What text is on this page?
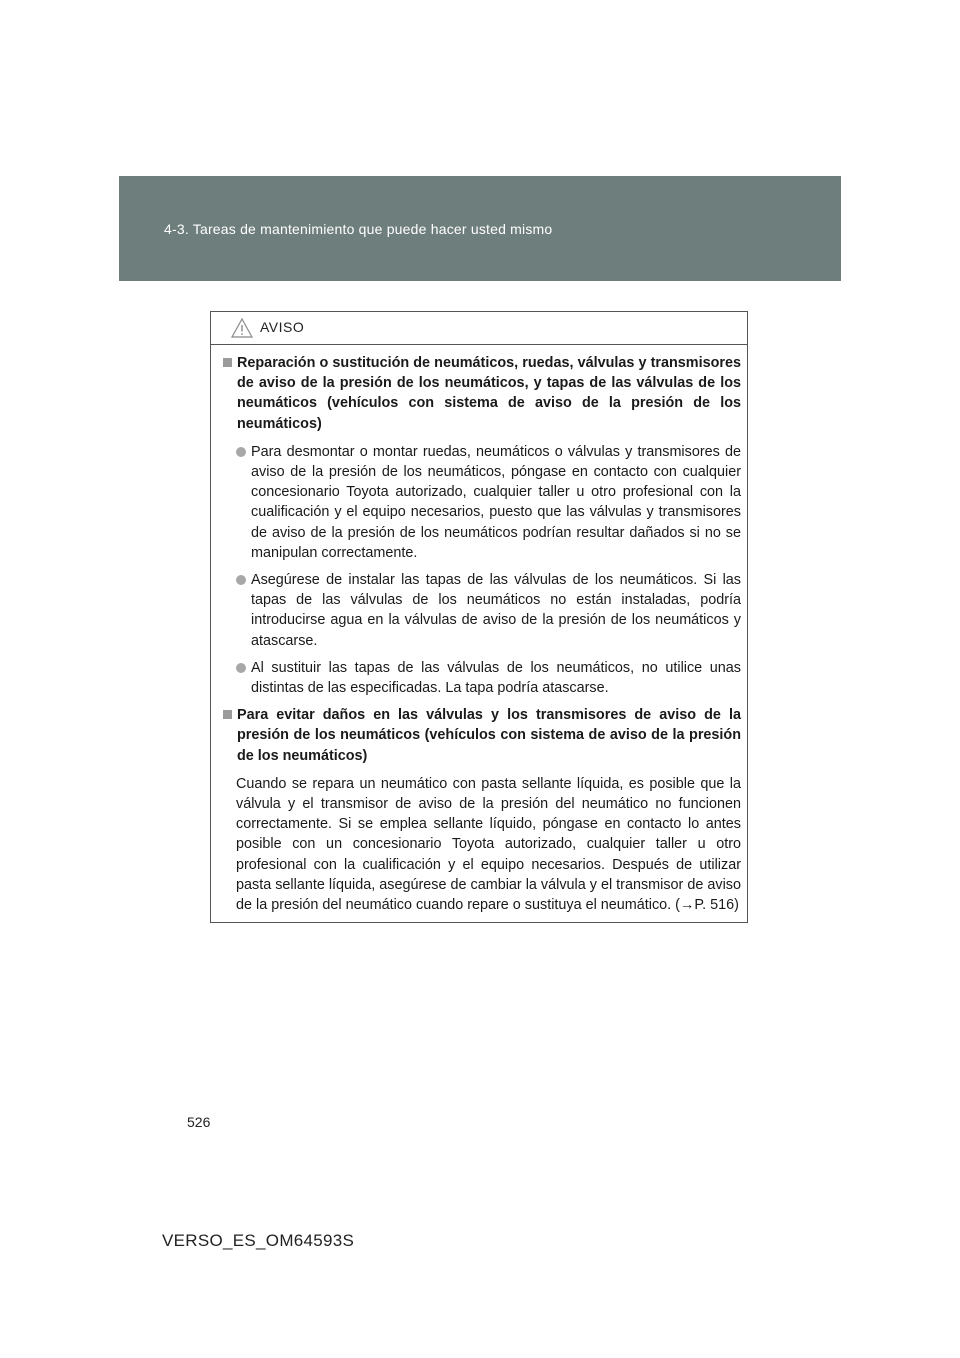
4-3. Tareas de mantenimiento que puede hacer usted mismo
AVISO
Reparación o sustitución de neumáticos, ruedas, válvulas y transmisores de aviso de la presión de los neumáticos, y tapas de las válvulas de los neumáticos (vehículos con sistema de aviso de la presión de los neumáticos)
Para desmontar o montar ruedas, neumáticos o válvulas y transmisores de aviso de la presión de los neumáticos, póngase en contacto con cualquier concesionario Toyota autorizado, cualquier taller u otro profesional con la cualificación y el equipo necesarios, puesto que las válvulas y transmisores de aviso de la presión de los neumáticos podrían resultar dañados si no se manipulan correctamente.
Asegúrese de instalar las tapas de las válvulas de los neumáticos. Si las tapas de las válvulas de los neumáticos no están instaladas, podría introducirse agua en la válvulas de aviso de la presión de los neumáticos y atascarse.
Al sustituir las tapas de las válvulas de los neumáticos, no utilice unas distintas de las especificadas. La tapa podría atascarse.
Para evitar daños en las válvulas y los transmisores de aviso de la presión de los neumáticos (vehículos con sistema de aviso de la presión de los neumáticos)
Cuando se repara un neumático con pasta sellante líquida, es posible que la válvula y el transmisor de aviso de la presión del neumático no funcionen correctamente. Si se emplea sellante líquido, póngase en contacto lo antes posible con un concesionario Toyota autorizado, cualquier taller u otro profesional con la cualificación y el equipo necesarios. Después de utilizar pasta sellante líquida, asegúrese de cambiar la válvula y el transmisor de aviso de la presión del neumático cuando repare o sustituya el neumático. (→P. 516)
526
VERSO_ES_OM64593S
